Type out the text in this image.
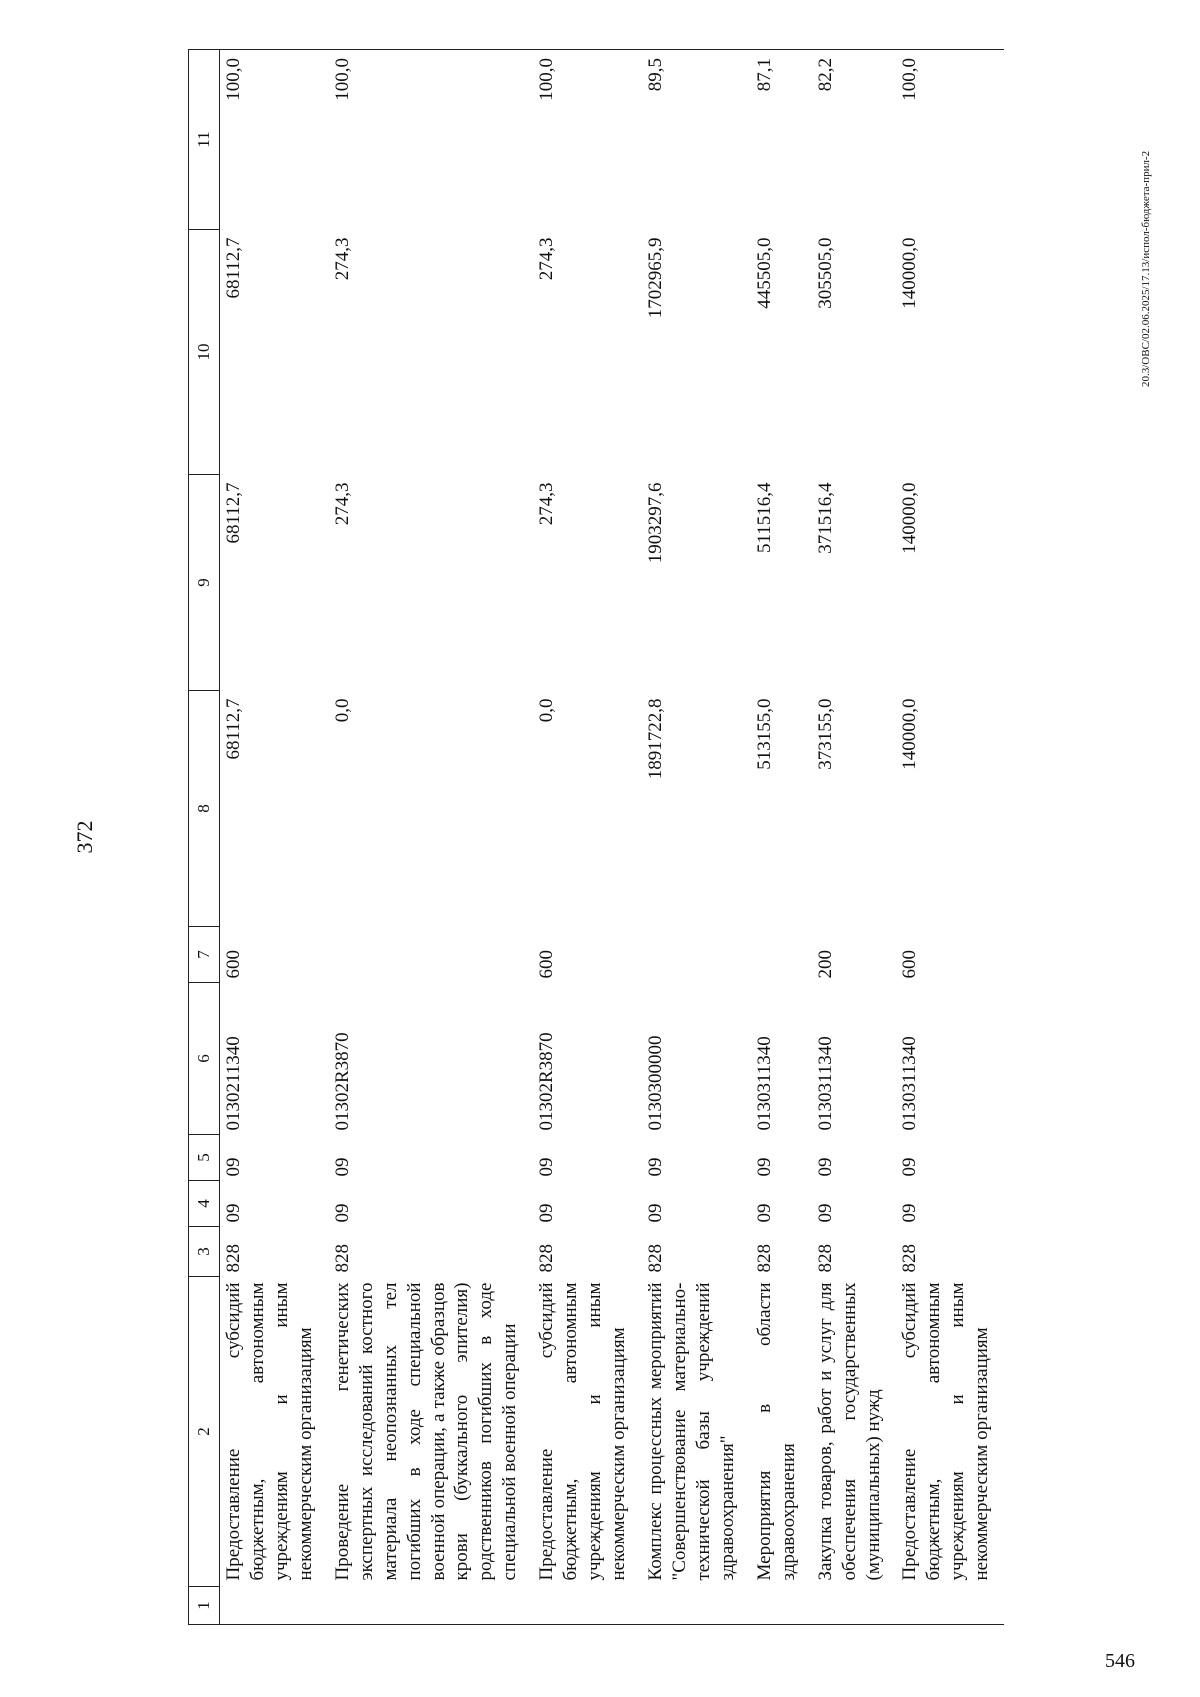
372
1	2	3	4	5	6	7	8	9	10	11
	Предоставление субсидий бюджетным, автономным учреждениям и иным некоммерческим организациям	828	09	09	0130211340	600	68112,7	68112,7	68112,7	100,0
	Проведение генетических экспертных исследований костного материала неопознанных тел погибших в ходе специальной военной операции, а также образцов крови (буккального эпителия) родственников погибших в ходе специальной военной операции	828	09	09	01302R3870		0,0	274,3	274,3	100,0
	Предоставление субсидий бюджетным, автономным учреждениям и иным некоммерческим организациям	828	09	09	01302R3870	600	0,0	274,3	274,3	100,0
	Комплекс процессных мероприятий "Совершенствование материально-технической базы учреждений здравоохранения"	828	09	09	0130300000		1891722,8	1903297,6	1702965,9	89,5
	Мероприятия в области здравоохранения	828	09	09	0130311340		513155,0	511516,4	445505,0	87,1
	Закупка товаров, работ и услуг для обеспечения государственных (муниципальных) нужд	828	09	09	0130311340	200	373155,0	371516,4	305505,0	82,2
	Предоставление субсидий бюджетным, автономным учреждениям и иным некоммерческим организациям	828	09	09	0130311340	600	140000,0	140000,0	140000,0	100,0
20.3/OBC/02.06.2025/17.13/испол-бюджета-прил-2
546
